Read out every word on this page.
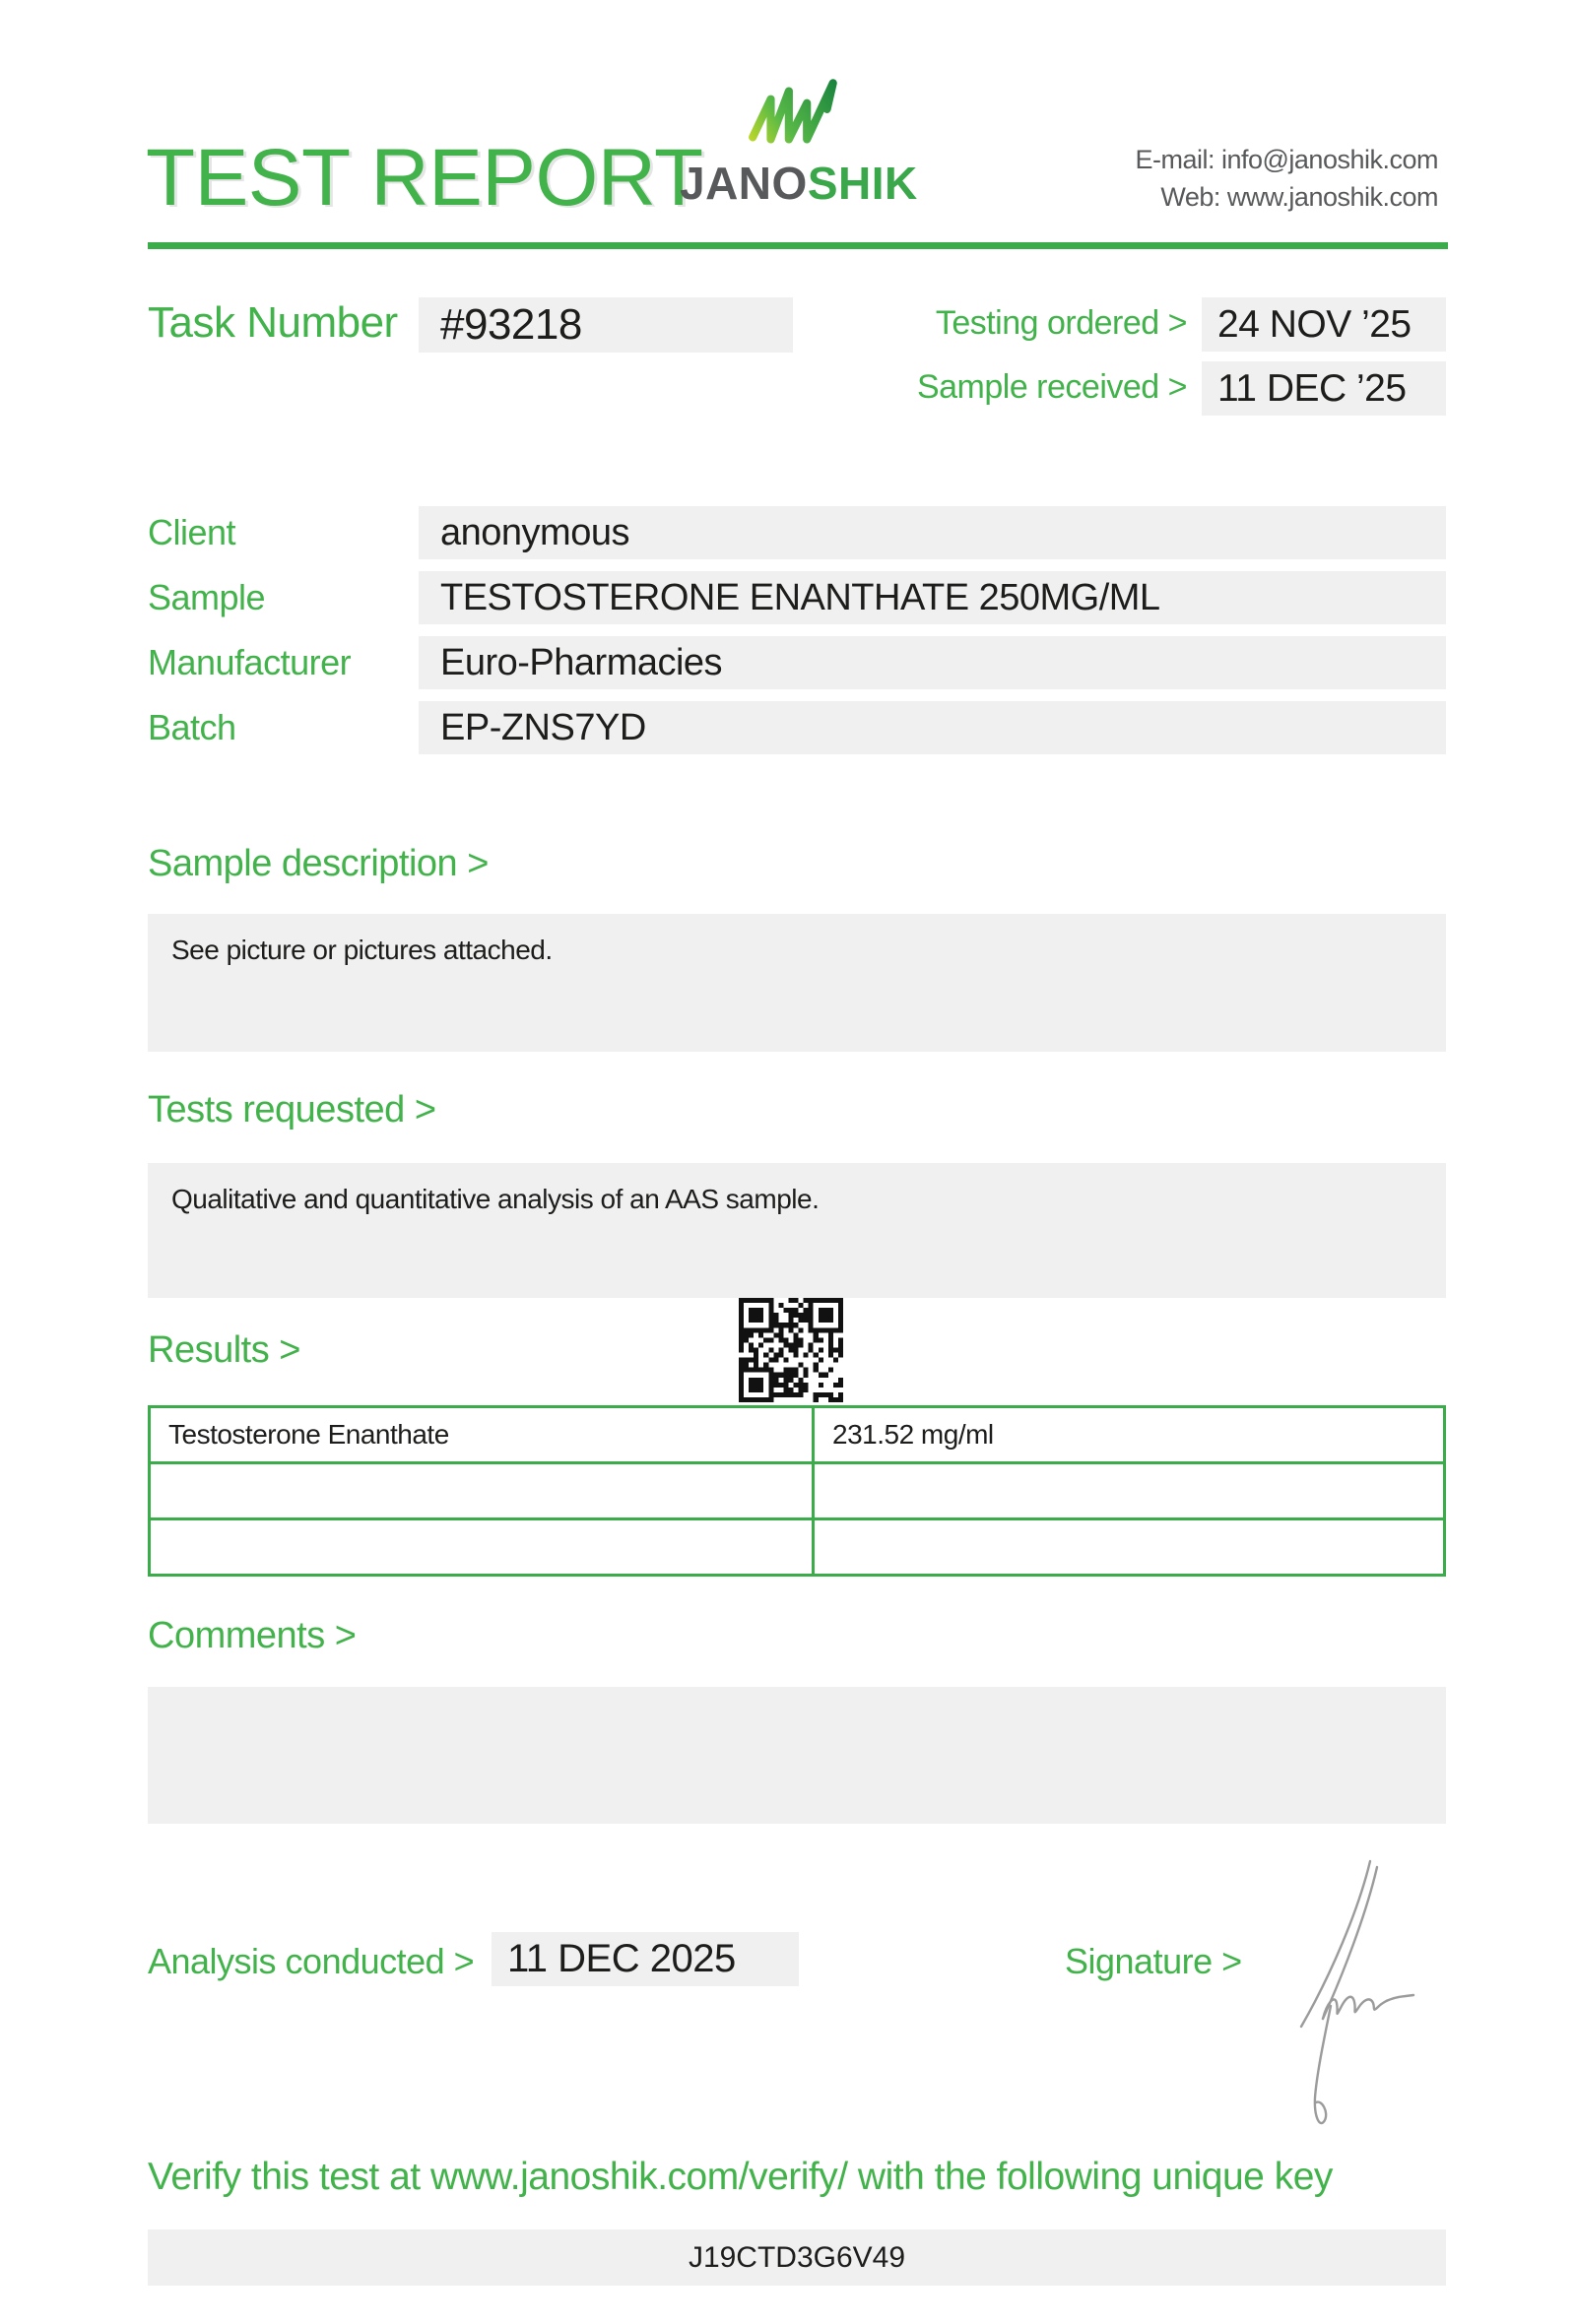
TEST REPORT
JANOSHIK	E-mail: info@janoshik.com
Web: www.janoshik.com
Task Number #93218	Testing ordered > 24 NOV ’25
Sample received > 11 DEC ’25
Client	anonymous
Sample	TESTOSTERONE ENANTHATE 250MG/ML
Manufacturer	Euro-Pharmacies
Batch	EP-ZNS7YD
Sample description >
See picture or pictures attached.
Tests requested >
Qualitative and quantitative analysis of an AAS sample.
Results >
Testosterone Enanthate	231.52 mg/ml

Comments >
Analysis conducted > 11 DEC 2025	Signature >
Verify this test at www.janoshik.com/verify/ with the following unique key
J19CTD3G6V49
